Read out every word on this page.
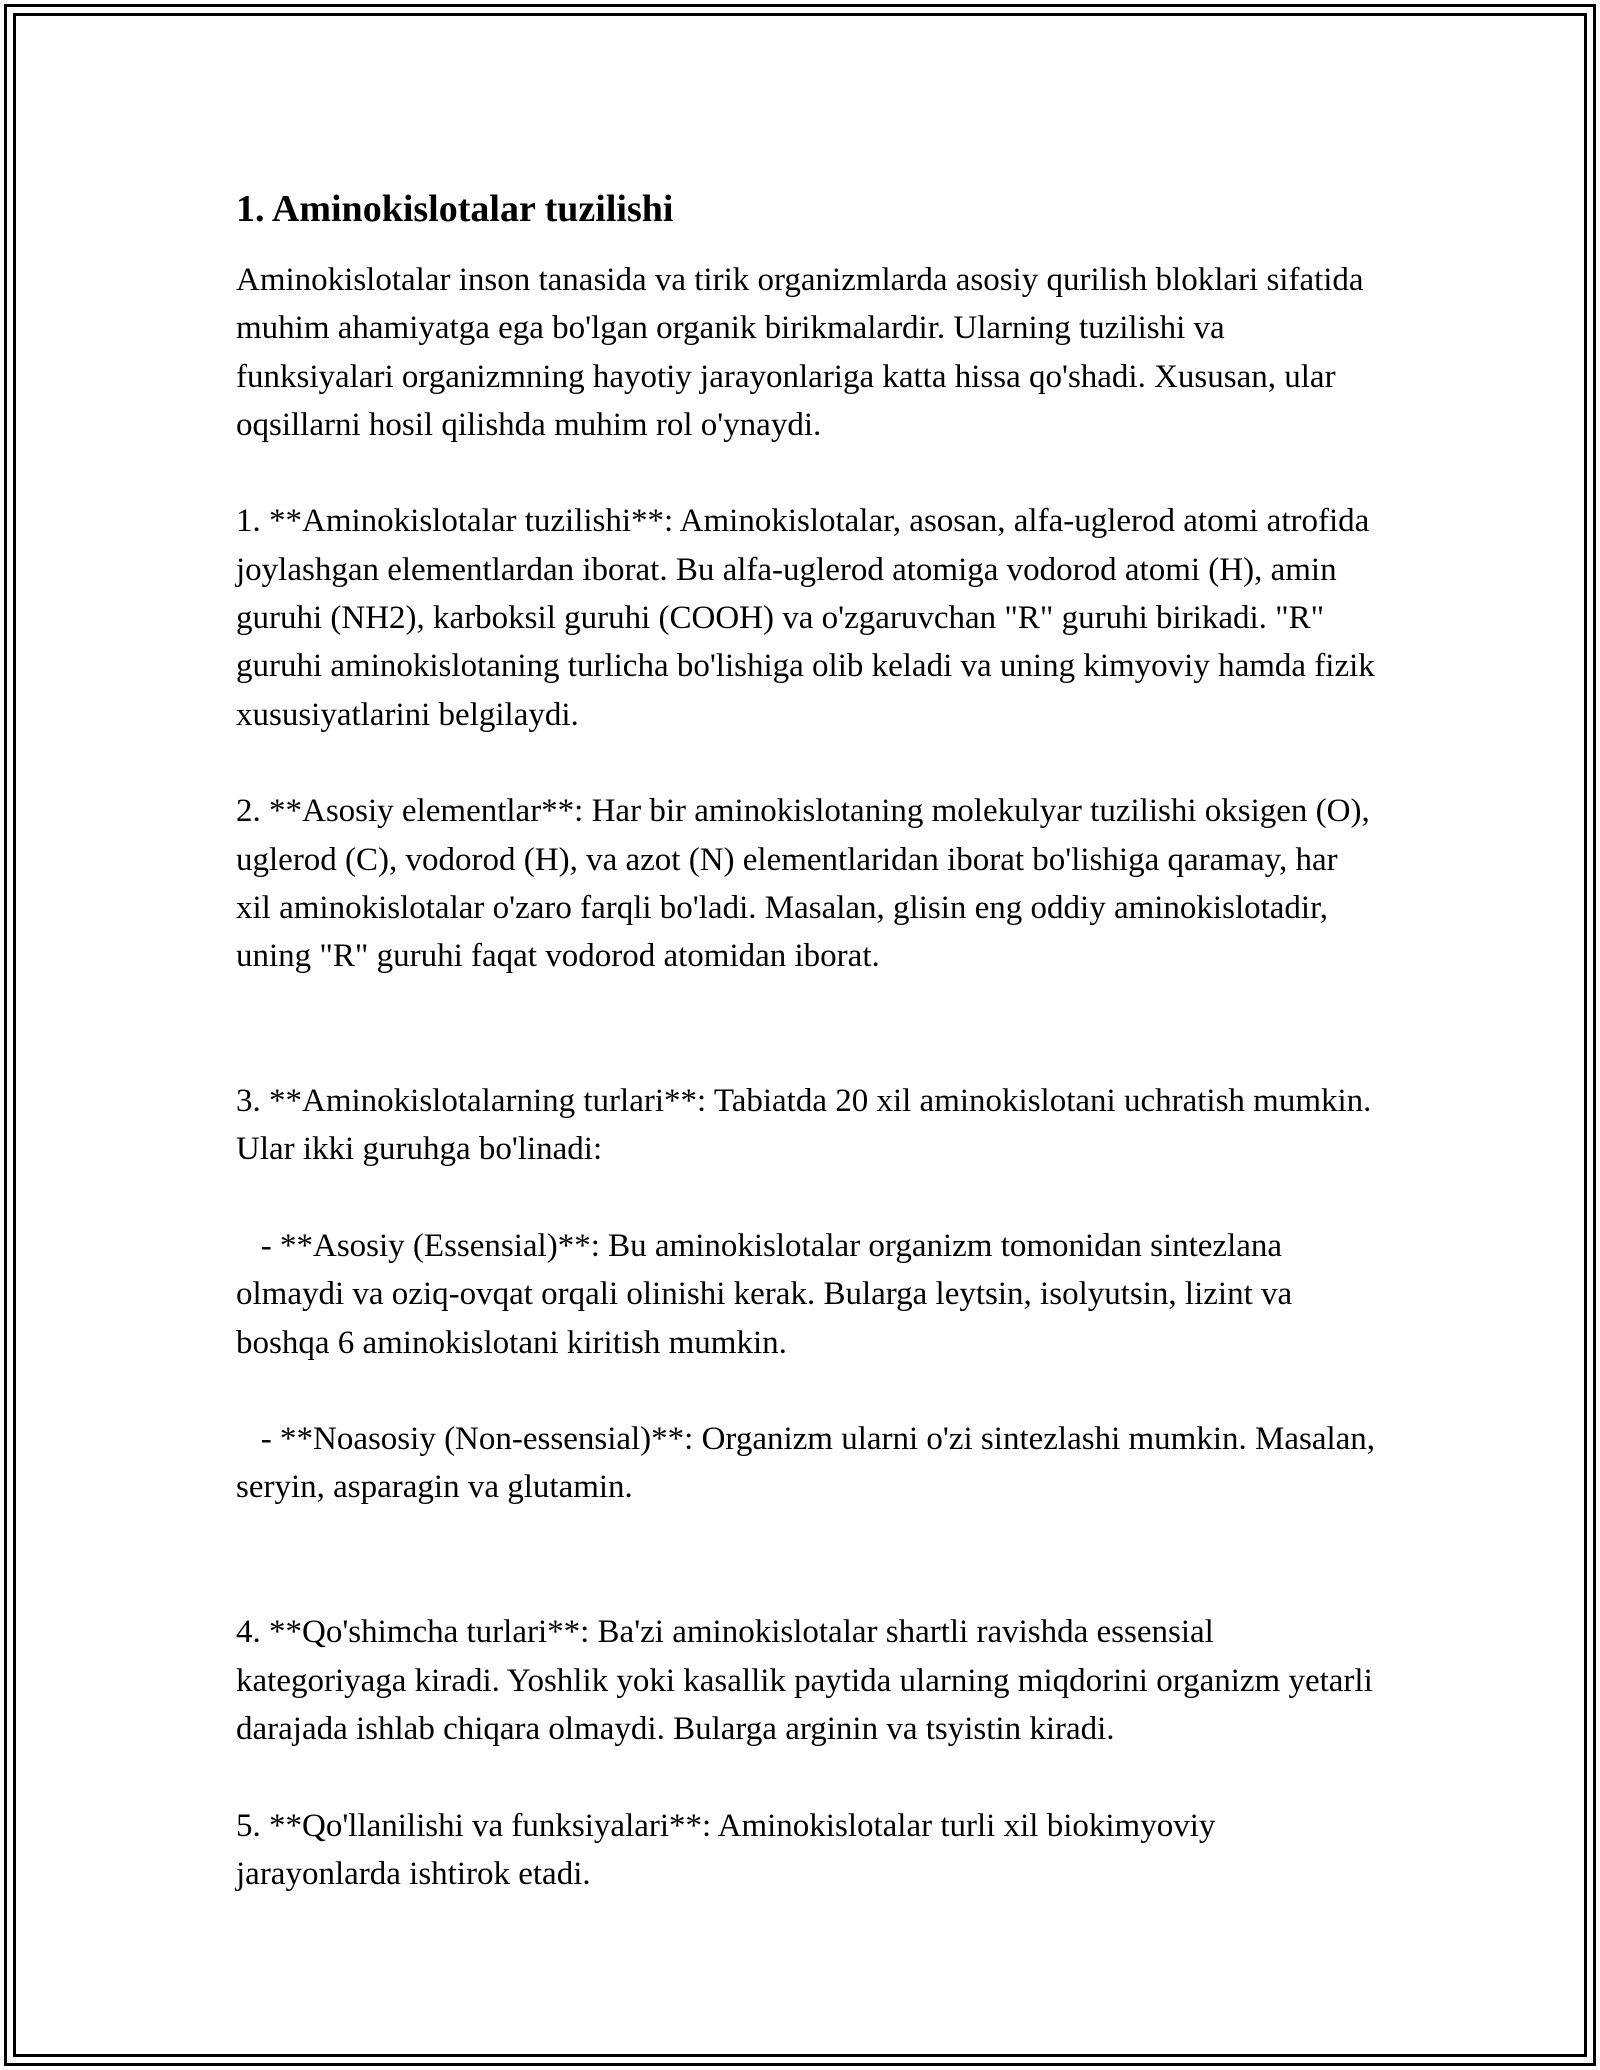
1. Aminokislotalar tuzilishi

Aminokislotalar inson tanasida va tirik organizmlarda asosiy qurilish bloklari sifatida muhim ahamiyatga ega bo'lgan organik birikmalardir. Ularning tuzilishi va funksiyalari organizmning hayotiy jarayonlariga katta hissa qo'shadi. Xususan, ular oqsillarni hosil qilishda muhim rol o'ynaydi.

1. **Aminokislotalar tuzilishi**: Aminokislotalar, asosan, alfa-uglerod atomi atrofida joylashgan elementlardan iborat. Bu alfa-uglerod atomiga vodorod atomi (H), amin guruhi (NH2), karboksil guruhi (COOH) va o'zgaruvchan "R" guruhi birikadi. "R" guruhi aminokislotaning turlicha bo'lishiga olib keladi va uning kimyoviy hamda fizik xususiyatlarini belgilaydi.

2. **Asosiy elementlar**: Har bir aminokislotaning molekulyar tuzilishi oksigen (O), uglerod (C), vodorod (H), va azot (N) elementlaridan iborat bo'lishiga qaramay, har xil aminokislotalar o'zaro farqli bo'ladi. Masalan, glisin eng oddiy aminokislotadir, uning "R" guruhi faqat vodorod atomidan iborat.

3. **Aminokislotalarning turlari**: Tabiatda 20 xil aminokislotani uchratish mumkin. Ular ikki guruhga bo'linadi:

- **Asosiy (Essensial)**: Bu aminokislotalar organizm tomonidan sintezlana olmaydi va oziq-ovqat orqali olinishi kerak. Bularga leytsin, isolyutsin, lizint va boshqa 6 aminokislotani kiritish mumkin.

- **Noasosiy (Non-essensial)**: Organizm ularni o'zi sintezlashi mumkin. Masalan, seryin, asparagin va glutamin.

4. **Qo'shimcha turlari**: Ba'zi aminokislotalar shartli ravishda essensial kategoriyaga kiradi. Yoshlik yoki kasallik paytida ularning miqdorini organizm yetarli darajada ishlab chiqara olmaydi. Bularga arginin va tsyistin kiradi.

5. **Qo'llanilishi va funksiyalari**: Aminokislotalar turli xil biokimyoviy jarayonlarda ishtirok etadi.
